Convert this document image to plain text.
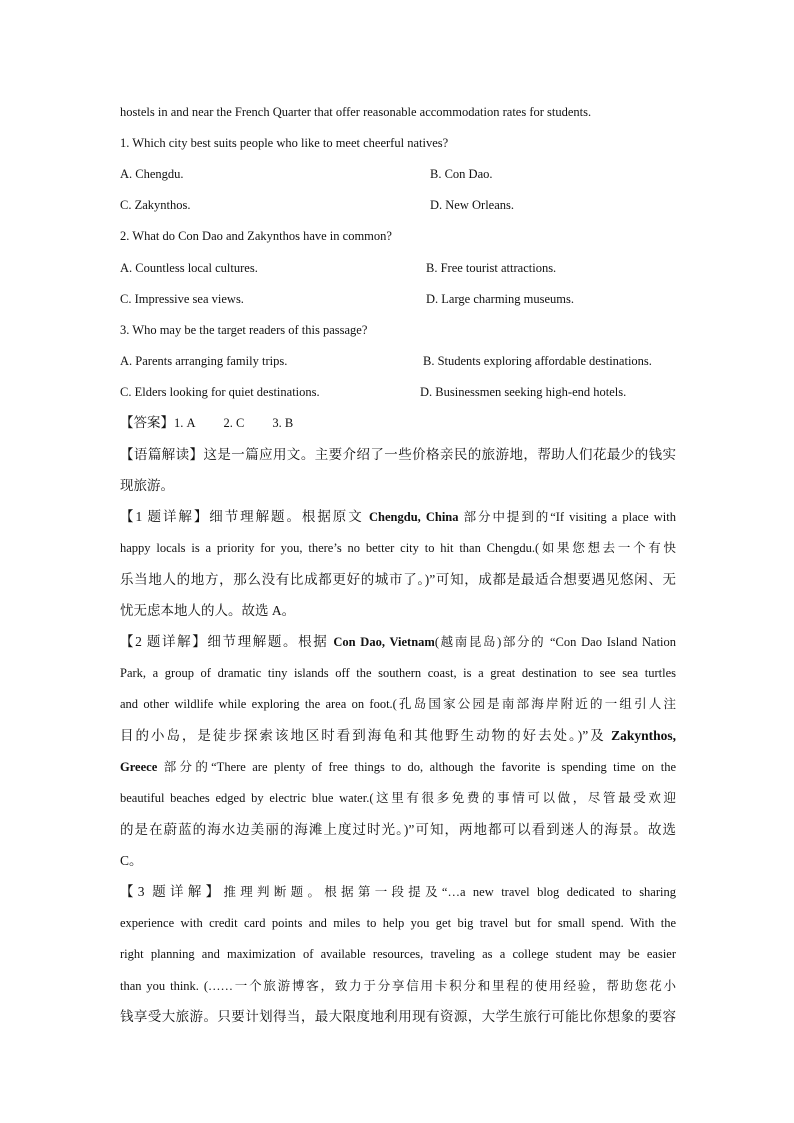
hostels in and near the French Quarter that offer reasonable accommodation rates for students.
1. Which city best suits people who like to meet cheerful natives?
A. Chengdu.	B. Con Dao.
C. Zakynthos.	D. New Orleans.
2. What do Con Dao and Zakynthos have in common?
A. Countless local cultures.	B. Free tourist attractions.
C. Impressive sea views.	D. Large charming museums.
3. Who may be the target readers of this passage?
A. Parents arranging family trips.	B. Students exploring affordable destinations.
C. Elders looking for quiet destinations.	D. Businessmen seeking high-end hotels.
【答案】1. A 2. C 3. B
【语篇解读】这是一篇应用文。主要介绍了一些价格亲民的旅游地，帮助人们花最少的钱实
现旅游。
【1 题详解】细节理解题。根据原文 Chengdu, China 部分中提到的“If visiting a place with
happy locals is a priority for you, there’s no better city to hit than Chengdu.(如果您想去一个有快
乐当地人的地方，那么没有比成都更好的城市了。)”可知，成都是最适合想要遇见悠闲、无
忧无虑本地人的人。故选 A。
【2 题详解】细节理解题。根据 Con Dao, Vietnam(越南昆岛)部分的 “Con Dao Island Nation
Park, a group of dramatic tiny islands off the southern coast, is a great destination to see sea turtles
and other wildlife while exploring the area on foot.(孔岛国家公园是南部海岸附近的一组引人注
目的小岛，是徒步探索该地区时看到海龟和其他野生动物的好去处。)”及 Zakynthos,
Greece 部分的“There are plenty of free things to do, although the favorite is spending time on the
beautiful beaches edged by electric blue water.(这里有很多免费的事情可以做，尽管最受欢迎
的是在蔚蓝的海水边美丽的海滩上度过时光。)”可知，两地都可以看到迷人的海景。故选
C。
【3 题详解】推理判断题。根据第一段提及“…a new travel blog dedicated to sharing
experience with credit card points and miles to help you get big travel but for small spend. With the
right planning and maximization of available resources, traveling as a college student may be easier
than you think. (……一个旅游博客，致力于分享信用卡积分和里程的使用经验，帮助您花小
钱享受大旅游。只要计划得当，最大限度地利用现有资源，大学生旅行可能比你想象的要容
